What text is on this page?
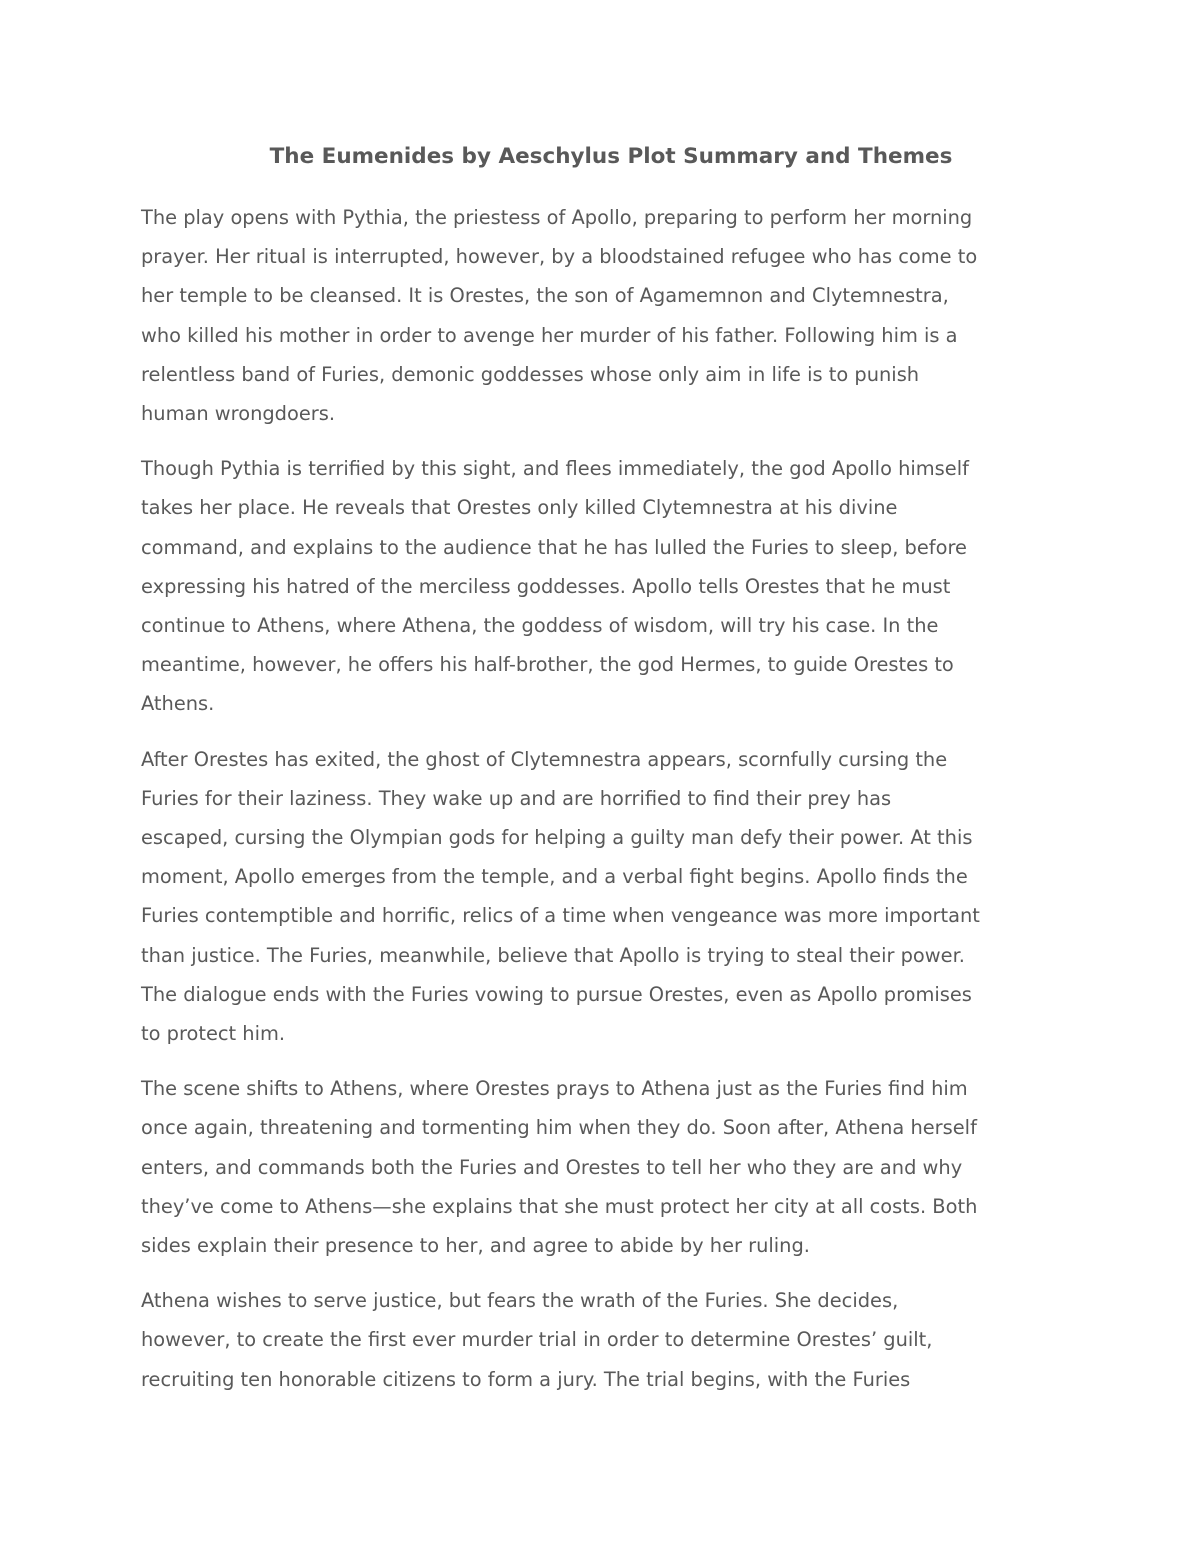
The Eumenides by Aeschylus Plot Summary and Themes

The play opens with Pythia, the priestess of Apollo, preparing to perform her morning
prayer. Her ritual is interrupted, however, by a bloodstained refugee who has come to
her temple to be cleansed. It is Orestes, the son of Agamemnon and Clytemnestra,
who killed his mother in order to avenge her murder of his father. Following him is a
relentless band of Furies, demonic goddesses whose only aim in life is to punish
human wrongdoers.

Though Pythia is terrified by this sight, and flees immediately, the god Apollo himself
takes her place. He reveals that Orestes only killed Clytemnestra at his divine
command, and explains to the audience that he has lulled the Furies to sleep, before
expressing his hatred of the merciless goddesses. Apollo tells Orestes that he must
continue to Athens, where Athena, the goddess of wisdom, will try his case. In the
meantime, however, he offers his half-brother, the god Hermes, to guide Orestes to
Athens.

After Orestes has exited, the ghost of Clytemnestra appears, scornfully cursing the
Furies for their laziness. They wake up and are horrified to find their prey has
escaped, cursing the Olympian gods for helping a guilty man defy their power. At this
moment, Apollo emerges from the temple, and a verbal fight begins. Apollo finds the
Furies contemptible and horrific, relics of a time when vengeance was more important
than justice. The Furies, meanwhile, believe that Apollo is trying to steal their power.
The dialogue ends with the Furies vowing to pursue Orestes, even as Apollo promises
to protect him.

The scene shifts to Athens, where Orestes prays to Athena just as the Furies find him
once again, threatening and tormenting him when they do. Soon after, Athena herself
enters, and commands both the Furies and Orestes to tell her who they are and why
they’ve come to Athens—she explains that she must protect her city at all costs. Both
sides explain their presence to her, and agree to abide by her ruling.

Athena wishes to serve justice, but fears the wrath of the Furies. She decides,
however, to create the first ever murder trial in order to determine Orestes’ guilt,
recruiting ten honorable citizens to form a jury. The trial begins, with the Furies
